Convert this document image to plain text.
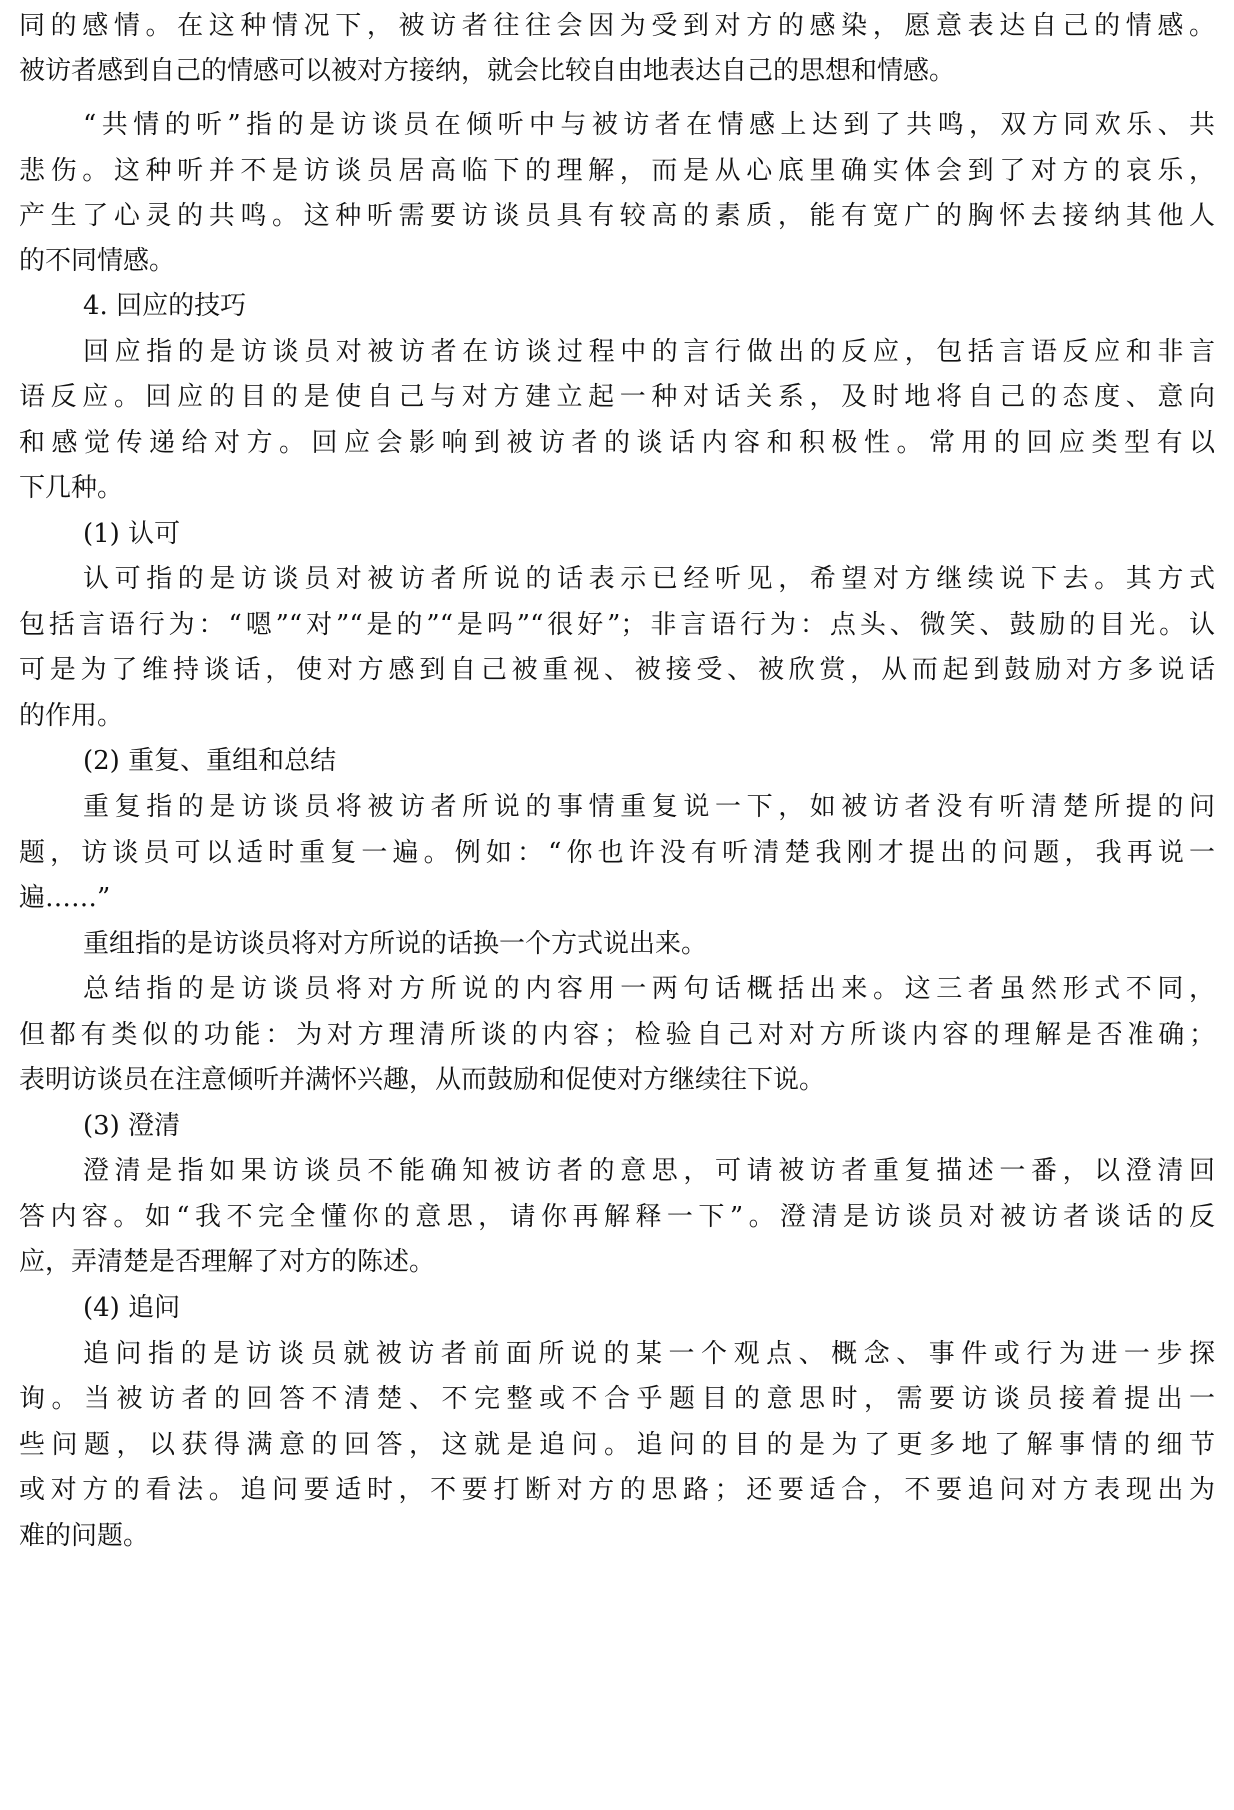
同的感情。在这种情况下，被访者往往会因为受到对方的感染，愿意表达自己的情感。
被访者感到自己的情感可以被对方接纳，就会比较自由地表达自己的思想和情感。
“共情的听”指的是访谈员在倾听中与被访者在情感上达到了共鸣，双方同欢乐、共
悲伤。这种听并不是访谈员居高临下的理解，而是从心底里确实体会到了对方的哀乐，
产生了心灵的共鸣。这种听需要访谈员具有较高的素质，能有宽广的胸怀去接纳其他人
的不同情感。
4. 回应的技巧
回应指的是访谈员对被访者在访谈过程中的言行做出的反应，包括言语反应和非言
语反应。回应的目的是使自己与对方建立起一种对话关系，及时地将自己的态度、意向
和感觉传递给对方。回应会影响到被访者的谈话内容和积极性。常用的回应类型有以
下几种。
(1) 认可
认可指的是访谈员对被访者所说的话表示已经听见，希望对方继续说下去。其方式
包括言语行为：“嗯”“对”“是的”“是吗”“很好”；非言语行为：点头、微笑、鼓励的目光。认
可是为了维持谈话，使对方感到自己被重视、被接受、被欣赏，从而起到鼓励对方多说话
的作用。
(2) 重复、重组和总结
重复指的是访谈员将被访者所说的事情重复说一下，如被访者没有听清楚所提的问
题，访谈员可以适时重复一遍。例如：“你也许没有听清楚我刚才提出的问题，我再说一
遍……”
重组指的是访谈员将对方所说的话换一个方式说出来。
总结指的是访谈员将对方所说的内容用一两句话概括出来。这三者虽然形式不同，
但都有类似的功能：为对方理清所谈的内容；检验自己对对方所谈内容的理解是否准确；
表明访谈员在注意倾听并满怀兴趣，从而鼓励和促使对方继续往下说。
(3) 澄清
澄清是指如果访谈员不能确知被访者的意思，可请被访者重复描述一番，以澄清回
答内容。如“我不完全懂你的意思，请你再解释一下”。澄清是访谈员对被访者谈话的反
应，弄清楚是否理解了对方的陈述。
(4) 追问
追问指的是访谈员就被访者前面所说的某一个观点、概念、事件或行为进一步探
询。当被访者的回答不清楚、不完整或不合乎题目的意思时，需要访谈员接着提出一
些问题，以获得满意的回答，这就是追问。追问的目的是为了更多地了解事情的细节
或对方的看法。追问要适时，不要打断对方的思路；还要适合，不要追问对方表现出为
难的问题。
